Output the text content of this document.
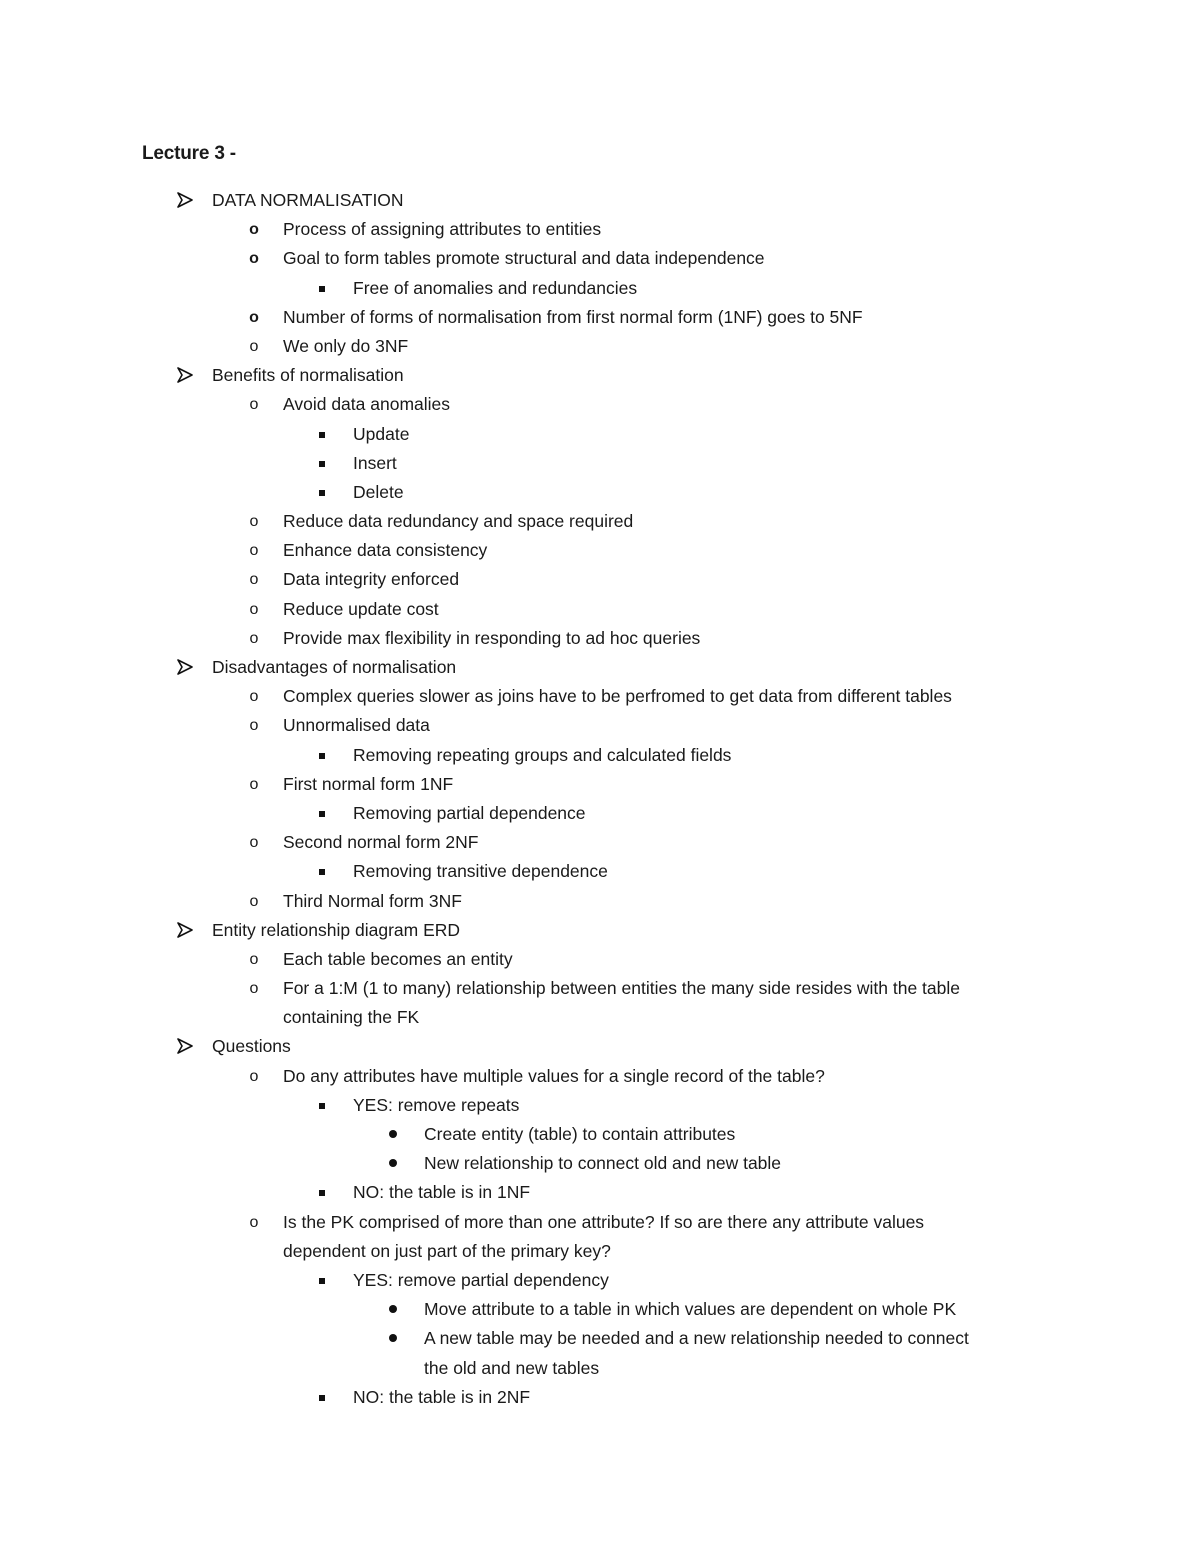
Lecture 3 -
DATA NORMALISATION
o Process of assigning attributes to entities
o Goal to form tables promote structural and data independence
Free of anomalies and redundancies
o Number of forms of normalisation from first normal form (1NF) goes to 5NF
o	We only do 3NF
Benefits of normalisation
o	Avoid data anomalies
Update
Insert
Delete
o	Reduce data redundancy and space required
o	Enhance data consistency
o	Data integrity enforced
o	Reduce update cost
o	Provide max flexibility in responding to ad hoc queries
Disadvantages of normalisation
o	Complex queries slower as joins have to be perfromed to get data from different tables
o	Unnormalised data
Removing repeating groups and calculated fields
o	First normal form 1NF
Removing partial dependence
o	Second normal form 2NF
Removing transitive dependence
o	Third Normal form 3NF
Entity relationship diagram ERD
o	Each table becomes an entity
o	For a 1:M (1 to many) relationship between entities the many side resides with the table
containing the FK
Questions
o	Do any attributes have multiple values for a single record of the table?
YES: remove repeats
Create entity (table) to contain attributes
New relationship to connect old and new table
NO: the table is in 1NF
o	Is the PK comprised of more than one attribute? If so are there any attribute values
dependent on just part of the primary key?
YES: remove partial dependency
Move attribute to a table in which values are dependent on whole PK
A new table may be needed and a new relationship needed to connect
the old and new tables
NO: the table is in 2NF
